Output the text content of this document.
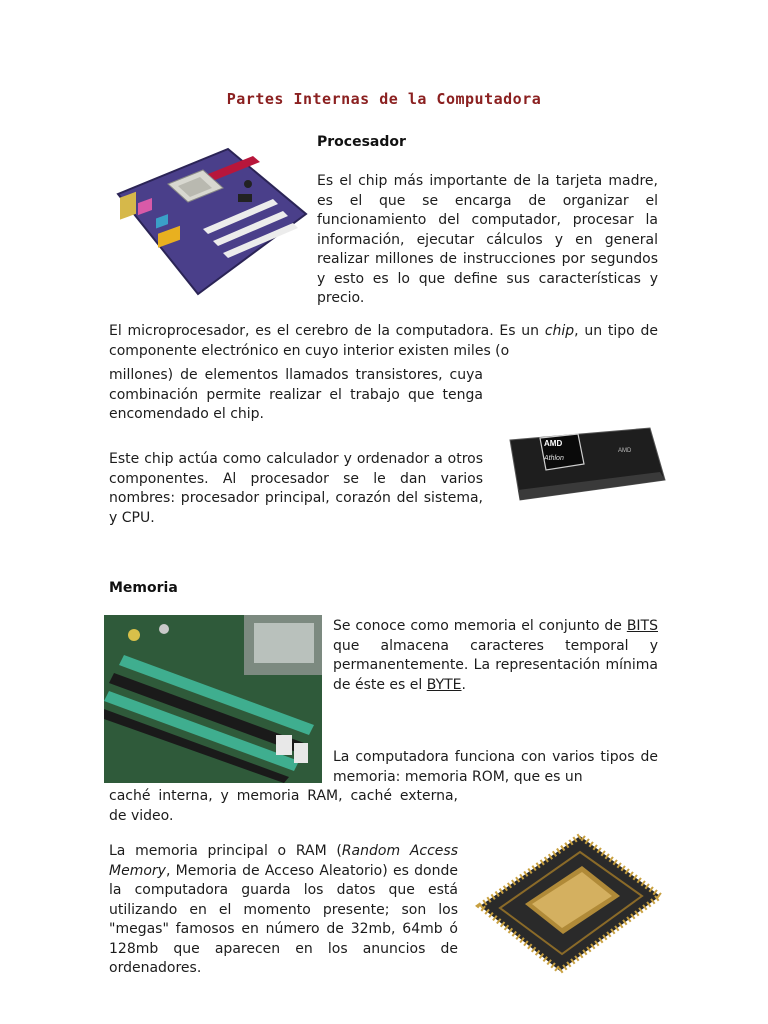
Partes Internas de la Computadora
Procesador
Es el chip más importante de la tarjeta madre, es el que se encarga de organizar el funcionamiento del computador, procesar la información, ejecutar cálculos y en general realizar millones de instrucciones por segundos y esto es lo que define sus características y precio.
El microprocesador, es el cerebro de la computadora. Es un chip, un tipo de componente electrónico en cuyo interior existen miles (o
millones) de elementos llamados transistores, cuya combinación permite realizar el trabajo que tenga encomendado el chip.
Este chip actúa como calculador y ordenador a otros componentes. Al procesador se le dan varios nombres: procesador principal, corazón del sistema, y CPU.
AMD
Athlon
AMD
Memoria
Se conoce como memoria el conjunto de BITS que almacena caracteres temporal y permanentemente. La representación mínima de éste es el BYTE.
La computadora funciona con varios tipos de memoria: memoria ROM, que es un
caché interna, y memoria RAM, caché externa, de video.
La memoria principal o RAM (Random Access Memory, Memoria de Acceso Aleatorio) es donde la computadora guarda los datos que está utilizando en el momento presente; son los "megas" famosos en número de 32mb, 64mb ó 128mb que aparecen en los anuncios de ordenadores.
